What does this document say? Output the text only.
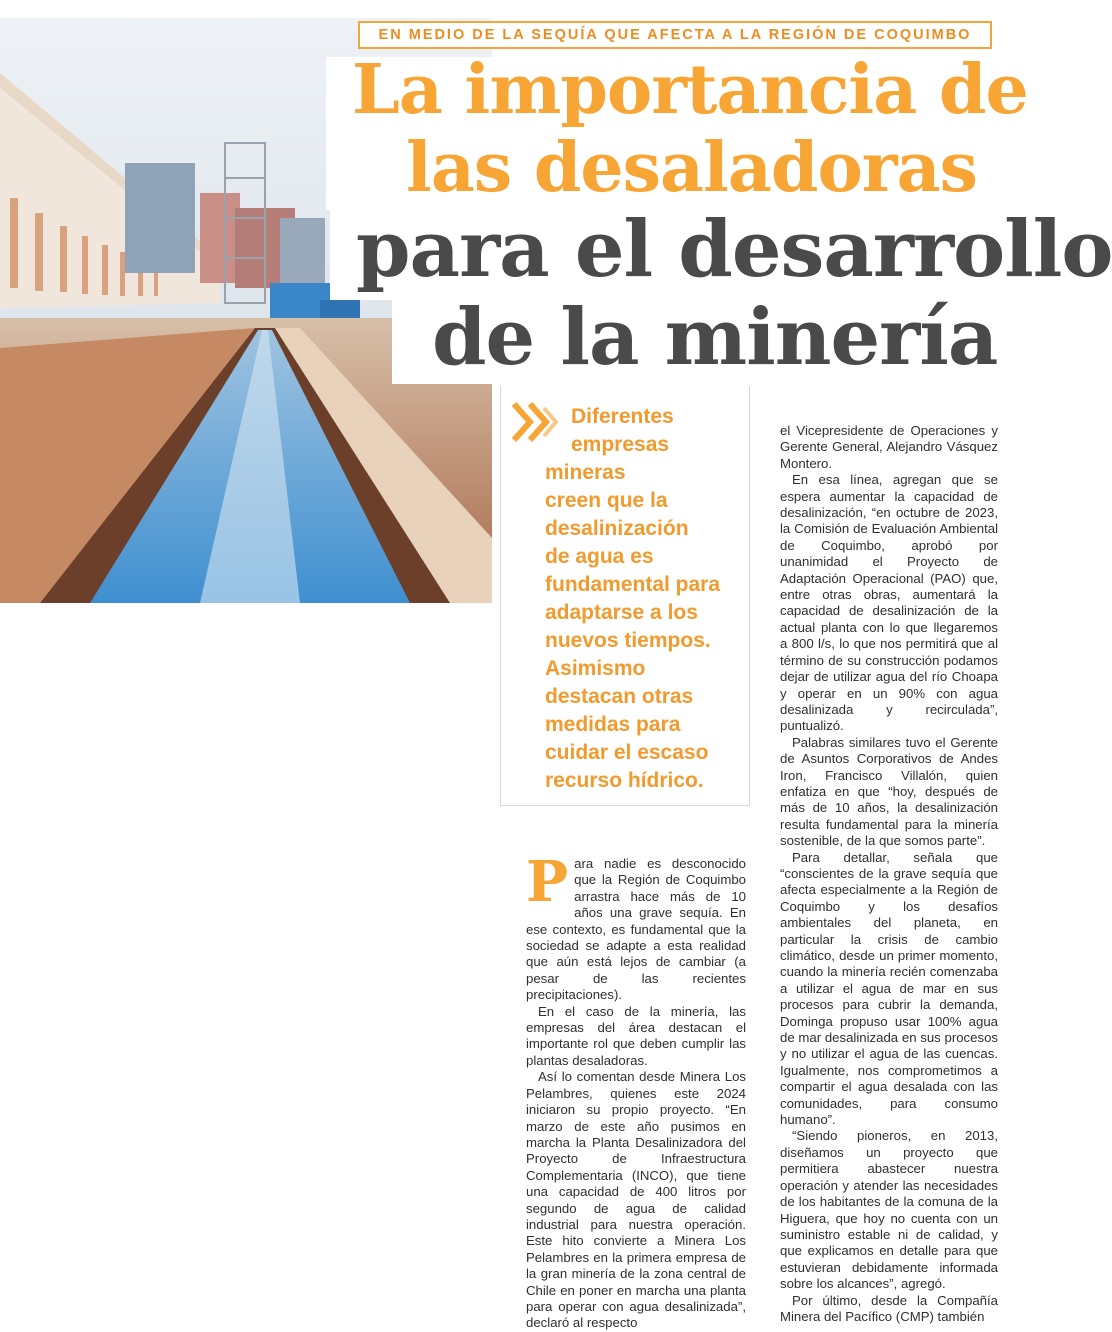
EN MEDIO DE LA SEQUÍA QUE AFECTA A LA REGIÓN DE COQUIMBO
La importancia de
las desaladoras
para el desarrollo
de la minería
Diferentes
empresas
mineras
creen que la
desalinización
de agua es
fundamental para
adaptarse a los
nuevos tiempos.
Asimismo
destacan otras
medidas para
cuidar el escaso
recurso hídrico.

Para nadie es desconocido que la Región de Coquimbo arrastra hace más de 10 años una grave sequía. En ese contexto, es fundamental que la sociedad se adapte a esta realidad que aún está lejos de cambiar (a pesar de las recientes precipitaciones).

En el caso de la minería, las empresas del área destacan el importante rol que deben cumplir las plantas desaladoras.

Así lo comentan desde Minera Los Pelambres, quienes este 2024 iniciaron su propio proyecto. “En marzo de este año pusimos en marcha la Planta Desalinizadora del Proyecto de Infraestructura Complementaria (INCO), que tiene una capacidad de 400 litros por segundo de agua de calidad industrial para nuestra operación. Este hito convierte a Minera Los Pelambres en la primera empresa de la gran minería de la zona central de Chile en poner en marcha una planta para operar con agua desalinizada”, declaró al respecto

el Vicepresidente de Operaciones y Gerente General, Alejandro Vásquez Montero.

En esa línea, agregan que se espera aumentar la capacidad de desalinización, “en octubre de 2023, la Comisión de Evaluación Ambiental de Coquimbo, aprobó por unanimidad el Proyecto de Adaptación Operacional (PAO) que, entre otras obras, aumentará la capacidad de desalinización de la actual planta con lo que llegaremos a 800 l/s, lo que nos permitirá que al término de su construcción podamos dejar de utilizar agua del río Choapa y operar en un 90% con agua desalinizada y recirculada”, puntualizó.

Palabras similares tuvo el Gerente de Asuntos Corporativos de Andes Iron, Francisco Villalón, quien enfatiza en que “hoy, después de más de 10 años, la desalinización resulta fundamental para la minería sostenible, de la que somos parte”.

Para detallar, señala que “conscientes de la grave sequía que afecta especialmente a la Región de Coquimbo y los desafíos ambientales del planeta, en particular la crisis de cambio climático, desde un primer momento, cuando la minería recién comenzaba a utilizar el agua de mar en sus procesos para cubrir la demanda, Dominga propuso usar 100% agua de mar desalinizada en sus procesos y no utilizar el agua de las cuencas. Igualmente, nos comprometimos a compartir el agua desalada con las comunidades, para consumo humano”.

“Siendo pioneros, en 2013, diseñamos un proyecto que permitiera abastecer nuestra operación y atender las necesidades de los habitantes de la comuna de la Higuera, que hoy no cuenta con un suministro estable ni de calidad, y que explicamos en detalle para que estuvieran debidamente informada sobre los alcances”, agregó.

Por último, desde la Compañía Minera del Pacífico (CMP) también
